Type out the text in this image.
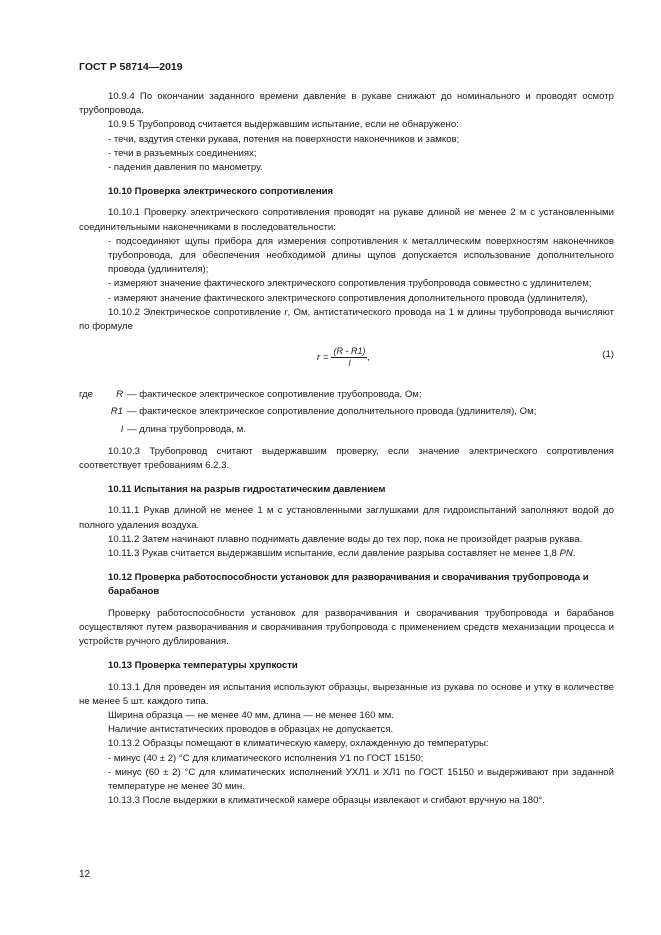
ГОСТ Р 58714—2019

10.9.4 По окончании заданного времени давление в рукаве снижают до номинального и проводят осмотр трубопровода.

10.9.5 Трубопровод считается выдержавшим испытание, если не обнаружено:

- течи, вздутия стенки рукава, потения на поверхности наконечников и замков;

- течи в разъемных соединениях;

- падения давления по манометру.

10.10 Проверка электрического сопротивления

10.10.1 Проверку электрического сопротивления проводят на рукаве длиной не менее 2 м с установленными соединительными наконечниками в последовательности:

- подсоединяют щупы прибора для измерения сопротивления к металлическим поверхностям наконечников трубопровода, для обеспечения необходимой длины щупов допускается использование дополнительного провода (удлинителя);

- измеряют значение фактического электрического сопротивления трубопровода совместно с удлинителем;

- измеряют значение фактического электрического сопротивления дополнительного провода (удлинителя),

10.10.2 Электрическое сопротивление r, Ом, антистатического провода на 1 м длины трубопровода вычисляют по формуле

$r = \frac{(R - R1)}{l}$ ,	(1)
где	R — фактическое электрическое сопротивление трубопровода, Ом;
R1 — фактическое электрическое сопротивление дополнительного провода (удлинителя), Ом;
l — длина трубопровода, м.

10.10.3 Трубопровод считают выдержавшим проверку, если значение электрического сопротивления соответствует требованиям 6.2.3.

10.11 Испытания на разрыв гидростатическим давлением

10.11.1 Рукав длиной не менее 1 м с установленными заглушками для гидроиспытаний заполняют водой до полного удаления воздуха.

10.11.2 Затем начинают плавно поднимать давление воды до тех пор, пока не произойдет разрыв рукава.

10.11.3 Рукав считается выдержавшим испытание, если давление разрыва составляет не менее 1,8 PN.

10.12 Проверка работоспособности установок для разворачивания и сворачивания трубопровода и барабанов

Проверку работоспособности установок для разворачивания и сворачивания трубопровода и барабанов осуществляют путем разворачивания и сворачивания трубопровода с применением средств механизации процесса и устройств ручного дублирования.

10.13 Проверка температуры хрупкости

10.13.1 Для проведен ия испытания используют образцы, вырезанные из рукава по основе и утку в количестве не менее 5 шт. каждого типа.

Ширина образца — не менее 40 мм, длина — не менее 160 мм.

Наличие антистатических проводов в образцах не допускается.

10.13.2 Образцы помещают в климатическую камеру, охлажденную до температуры:

- минус (40 ± 2) °С для климатического исполнения У1 по ГОСТ 15150;

- минус (60 ± 2) °С для климатических исполнений УХЛ1 и ХЛ1 по ГОСТ 15150 и выдерживают при заданной температуре не менее 30 мин.

10.13.3 После выдержки в климатической камере образцы извлекают и сгибают вручную на 180°.

12
